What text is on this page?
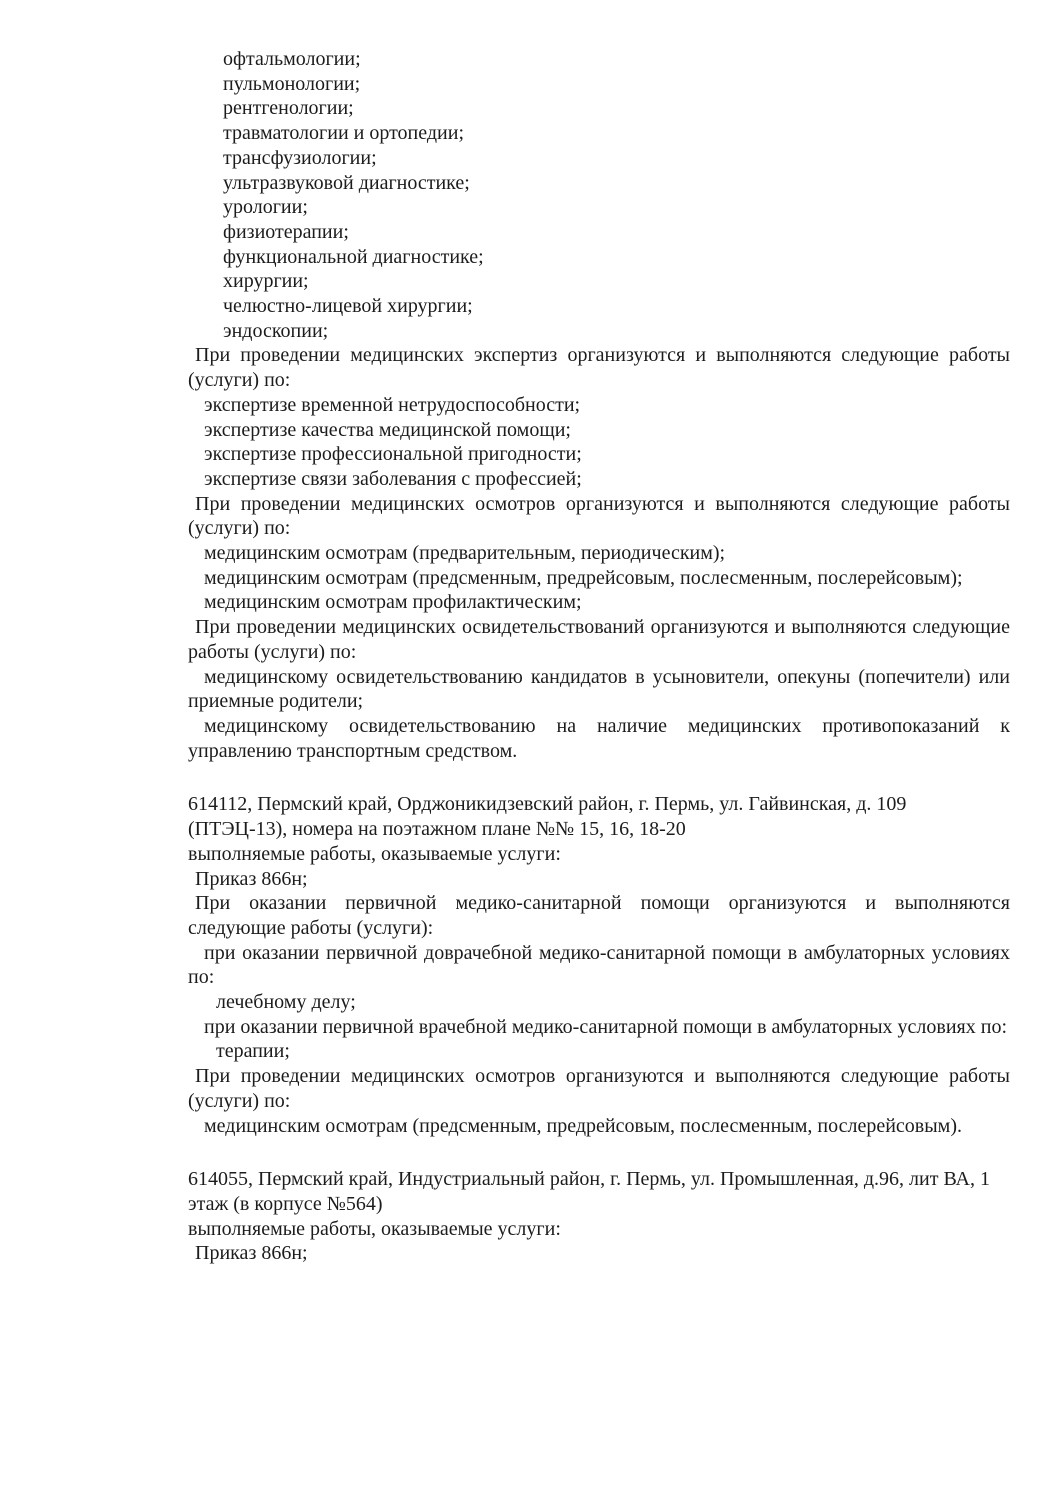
офтальмологии;

пульмонологии;

рентгенологии;

травматологии и ортопедии;

трансфузиологии;

ультразвуковой диагностике;

урологии;

физиотерапии;

функциональной диагностике;

хирургии;

челюстно-лицевой хирургии;

эндоскопии;

При проведении медицинских экспертиз организуются и выполняются следующие работы (услуги) по:

экспертизе временной нетрудоспособности;

экспертизе качества медицинской помощи;

экспертизе профессиональной пригодности;

экспертизе связи заболевания с профессией;

При проведении медицинских осмотров организуются и выполняются следующие работы (услуги) по:

медицинским осмотрам (предварительным, периодическим);

медицинским осмотрам (предсменным, предрейсовым, послесменным, послерейсовым);

медицинским осмотрам профилактическим;

При проведении медицинских освидетельствований организуются и выполняются следующие работы (услуги) по:

медицинскому освидетельствованию кандидатов в усыновители, опекуны (попечители) или приемные родители;

медицинскому освидетельствованию на наличие медицинских противопоказаний к управлению транспортным средством.

614112, Пермский край, Орджоникидзевский район, г. Пермь, ул. Гайвинская, д. 109 (ПТЭЦ-13), номера на поэтажном плане №№ 15, 16, 18-20

выполняемые работы, оказываемые услуги:

Приказ 866н;

При оказании первичной медико-санитарной помощи организуются и выполняются следующие работы (услуги):

при оказании первичной доврачебной медико-санитарной помощи в амбулаторных условиях по:

лечебному делу;

при оказании первичной врачебной медико-санитарной помощи в амбулаторных условиях по:

терапии;

При проведении медицинских осмотров организуются и выполняются следующие работы (услуги) по:

медицинским осмотрам (предсменным, предрейсовым, послесменным, послерейсовым).

614055, Пермский край, Индустриальный район, г. Пермь, ул. Промышленная, д.96, лит ВА, 1 этаж (в корпусе №564)

выполняемые работы, оказываемые услуги:

Приказ 866н;
